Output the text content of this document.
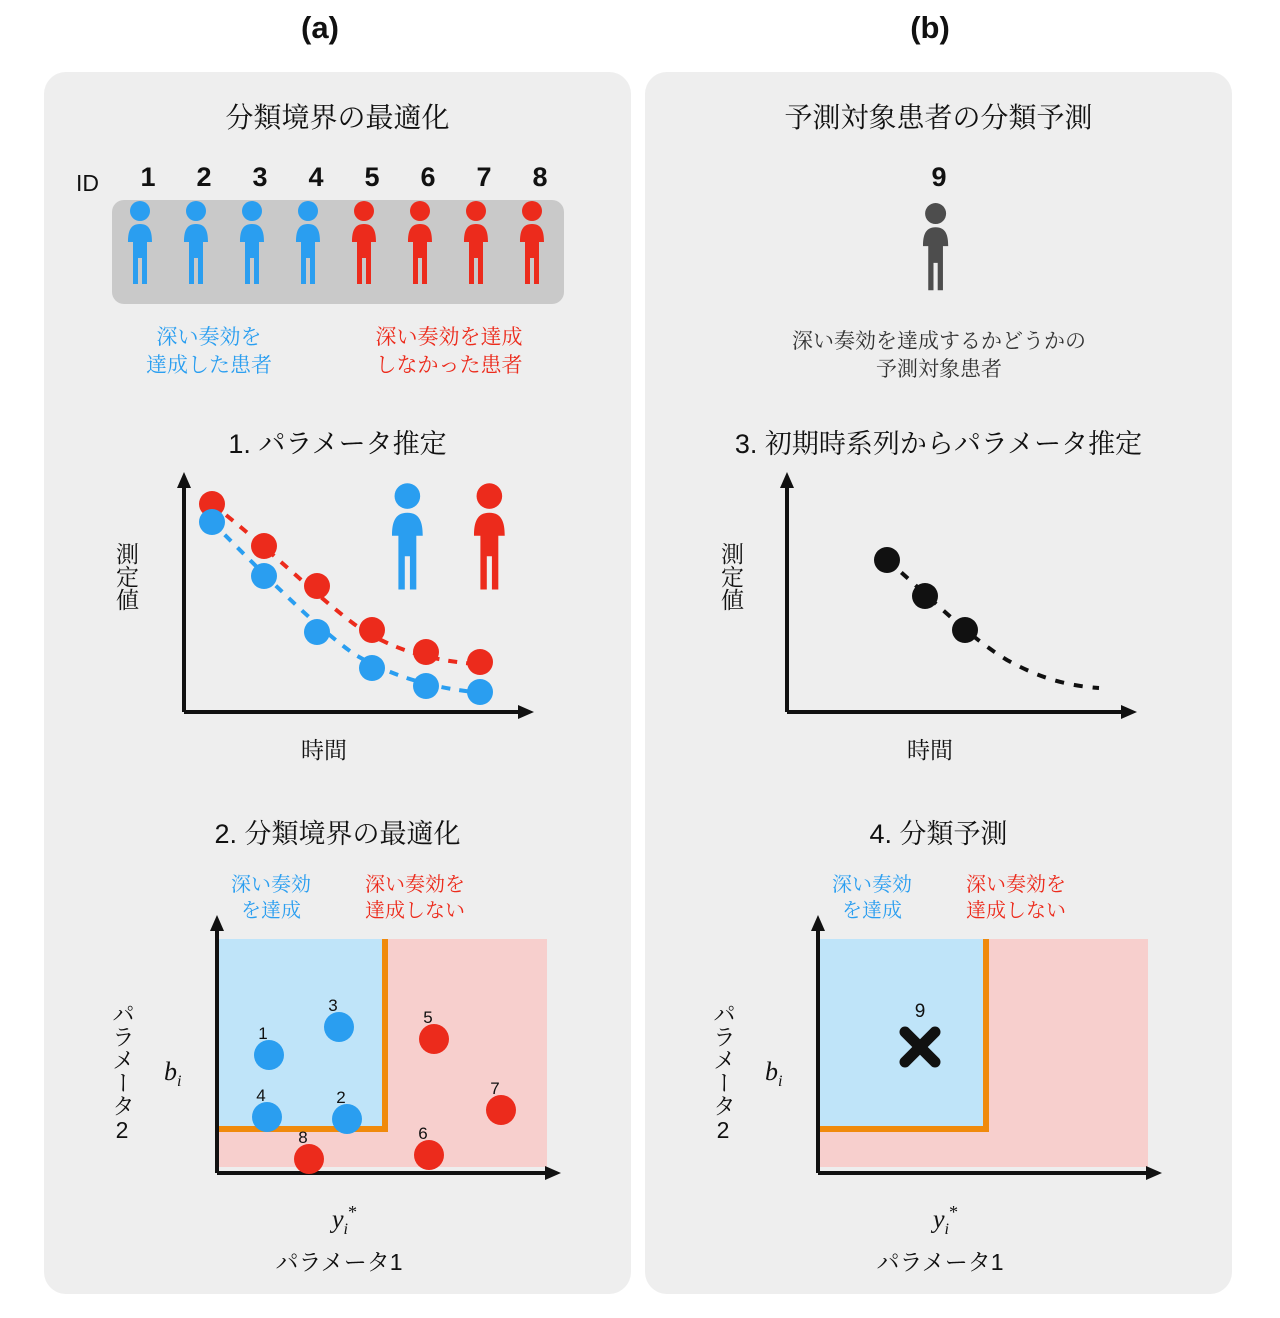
(a)	(b)
分類境界の最適化
ID	1	2	3	4	5	6	7	8
深い奏効を
達成した患者
深い奏効を達成
しなかった患者
1. パラメータ推定
測定値
時間
2. 分類境界の最適化
深い奏効
を達成
深い奏効を
達成しない
$b_i$
パラメータ2
$y_i^*$
パラメータ1
1
3
4	2
8
5
7
6
予測対象患者の分類予測
9
深い奏効を達成するかどうかの
予測対象患者
3. 初期時系列からパラメータ推定
測定値
時間
4. 分類予測
深い奏効
を達成
深い奏効を
達成しない
$b_i$
パラメータ2
$y_i^*$
パラメータ1
9
